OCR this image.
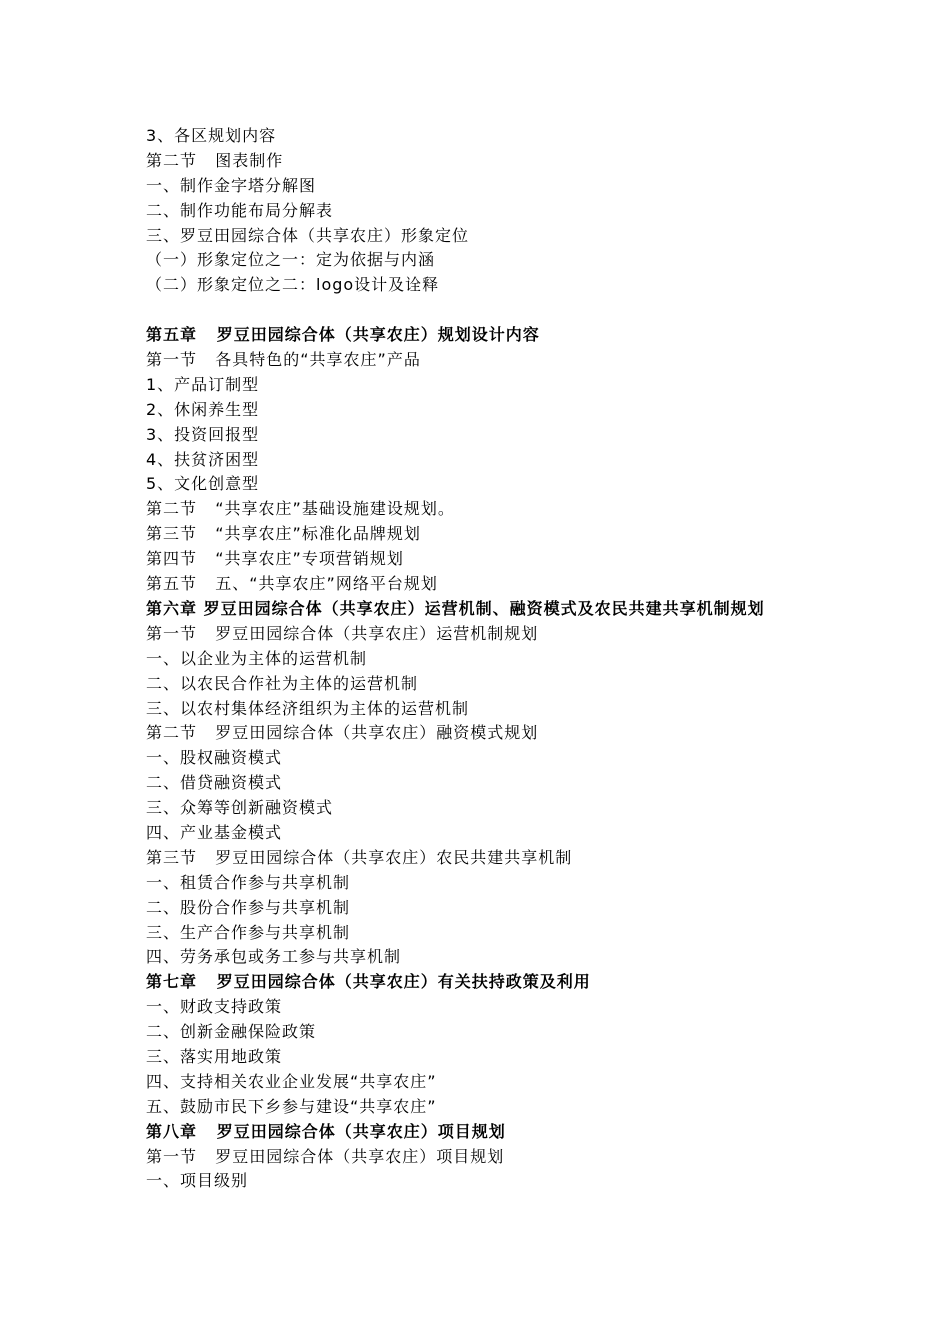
3、各区规划内容
第二节   图表制作
一、制作金字塔分解图
二、制作功能布局分解表
三、罗豆田园综合体（共享农庄）形象定位
（一）形象定位之一：定为依据与内涵
（二）形象定位之二：logo设计及诠释
第五章   罗豆田园综合体（共享农庄）规划设计内容
第一节   各具特色的“共享农庄”产品
1、产品订制型
2、休闲养生型
3、投资回报型
4、扶贫济困型
5、文化创意型
第二节   “共享农庄”基础设施建设规划。
第三节   “共享农庄”标准化品牌规划
第四节   “共享农庄”专项营销规划
第五节   五、“共享农庄”网络平台规划
第六章 罗豆田园综合体（共享农庄）运营机制、融资模式及农民共建共享机制规划
第一节   罗豆田园综合体（共享农庄）运营机制规划
一、以企业为主体的运营机制
二、以农民合作社为主体的运营机制
三、以农村集体经济组织为主体的运营机制
第二节   罗豆田园综合体（共享农庄）融资模式规划
一、股权融资模式
二、借贷融资模式
三、众筹等创新融资模式
四、产业基金模式
第三节   罗豆田园综合体（共享农庄）农民共建共享机制
一、租赁合作参与共享机制
二、股份合作参与共享机制
三、生产合作参与共享机制
四、劳务承包或务工参与共享机制
第七章   罗豆田园综合体（共享农庄）有关扶持政策及利用
一、财政支持政策
二、创新金融保险政策
三、落实用地政策
四、支持相关农业企业发展“共享农庄”
五、鼓励市民下乡参与建设“共享农庄”
第八章   罗豆田园综合体（共享农庄）项目规划
第一节   罗豆田园综合体（共享农庄）项目规划
一、项目级别
